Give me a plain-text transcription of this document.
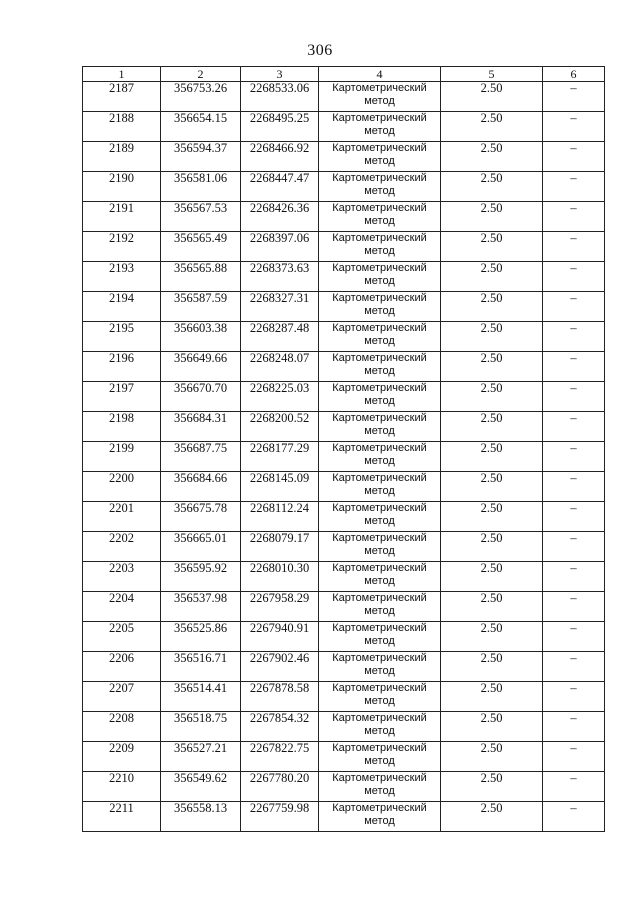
306
1	2	3	4	5	6
2187	356753.26	2268533.06	Картометрический метод	2.50	–
2188	356654.15	2268495.25	Картометрический метод	2.50	–
2189	356594.37	2268466.92	Картометрический метод	2.50	–
2190	356581.06	2268447.47	Картометрический метод	2.50	–
2191	356567.53	2268426.36	Картометрический метод	2.50	–
2192	356565.49	2268397.06	Картометрический метод	2.50	–
2193	356565.88	2268373.63	Картометрический метод	2.50	–
2194	356587.59	2268327.31	Картометрический метод	2.50	–
2195	356603.38	2268287.48	Картометрический метод	2.50	–
2196	356649.66	2268248.07	Картометрический метод	2.50	–
2197	356670.70	2268225.03	Картометрический метод	2.50	–
2198	356684.31	2268200.52	Картометрический метод	2.50	–
2199	356687.75	2268177.29	Картометрический метод	2.50	–
2200	356684.66	2268145.09	Картометрический метод	2.50	–
2201	356675.78	2268112.24	Картометрический метод	2.50	–
2202	356665.01	2268079.17	Картометрический метод	2.50	–
2203	356595.92	2268010.30	Картометрический метод	2.50	–
2204	356537.98	2267958.29	Картометрический метод	2.50	–
2205	356525.86	2267940.91	Картометрический метод	2.50	–
2206	356516.71	2267902.46	Картометрический метод	2.50	–
2207	356514.41	2267878.58	Картометрический метод	2.50	–
2208	356518.75	2267854.32	Картометрический метод	2.50	–
2209	356527.21	2267822.75	Картометрический метод	2.50	–
2210	356549.62	2267780.20	Картометрический метод	2.50	–
2211	356558.13	2267759.98	Картометрический метод	2.50	–
